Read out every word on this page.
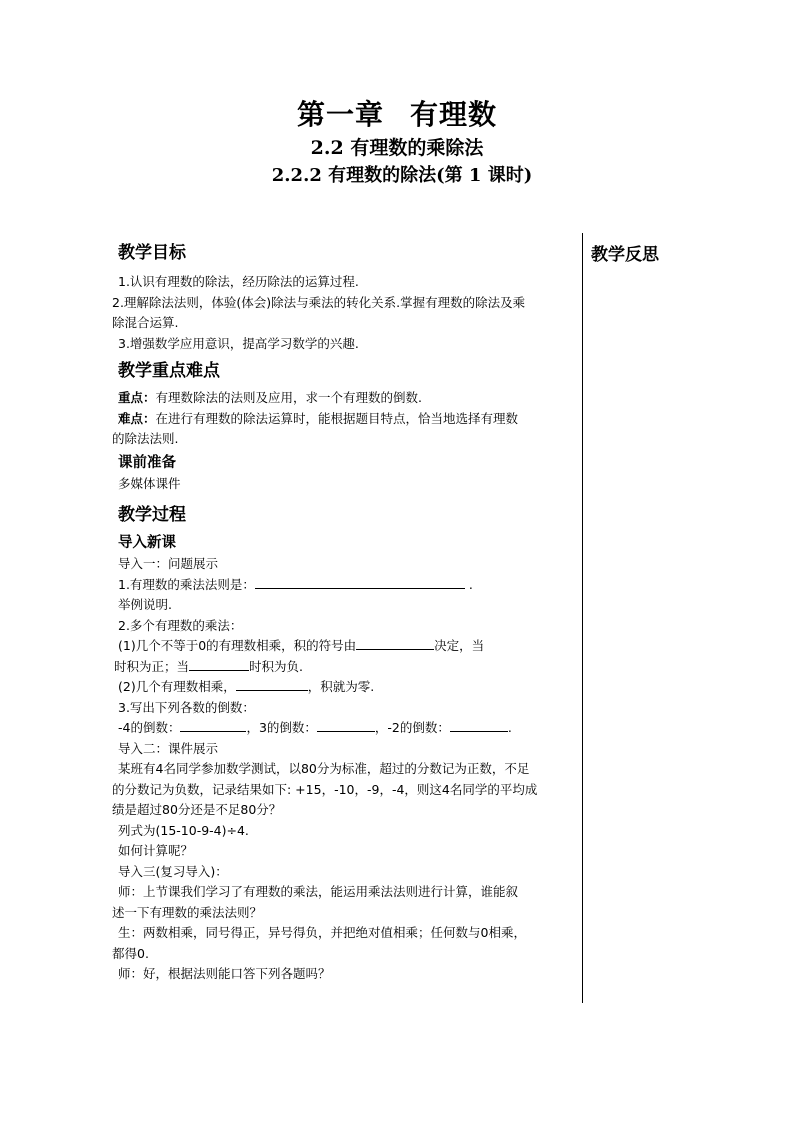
第一章 有理数
2.2 有理数的乘除法
2.2.2 有理数的除法(第 1 课时)
教学反思

教学目标

1.认识有理数的除法，经历除法的运算过程.

2.理解除法法则，体验(体会)除法与乘法的转化关系.掌握有理数的除法及乘

除混合运算.

3.增强数学应用意识，提高学习数学的兴趣.

教学重点难点

重点：有理数除法的法则及应用，求一个有理数的倒数.

难点：在进行有理数的除法运算时，能根据题目特点，恰当地选择有理数

的除法法则.

课前准备

多媒体课件

教学过程

导入新课

导入一：问题展示

1.有理数的乘法法则是：	.

举例说明.

2.多个有理数的乘法：

(1)几个不等于0的有理数相乘，积的符号由	决定，当

时积为正；当	时积为负.

(2)几个有理数相乘，	，积就为零.

3.写出下列各数的倒数：

-4的倒数：	，3的倒数：	，-2的倒数：	.

导入二：课件展示

某班有4名同学参加数学测试，以80分为标准，超过的分数记为正数，不足

的分数记为负数，记录结果如下: +15，-10，-9，-4，则这4名同学的平均成

绩是超过80分还是不足80分？

列式为(15-10-9-4)÷4.

如何计算呢？

导入三(复习导入)：

师：上节课我们学习了有理数的乘法，能运用乘法法则进行计算，谁能叙

述一下有理数的乘法法则？

生：两数相乘，同号得正，异号得负，并把绝对值相乘；任何数与0相乘，

都得0.

师：好，根据法则能口答下列各题吗？
